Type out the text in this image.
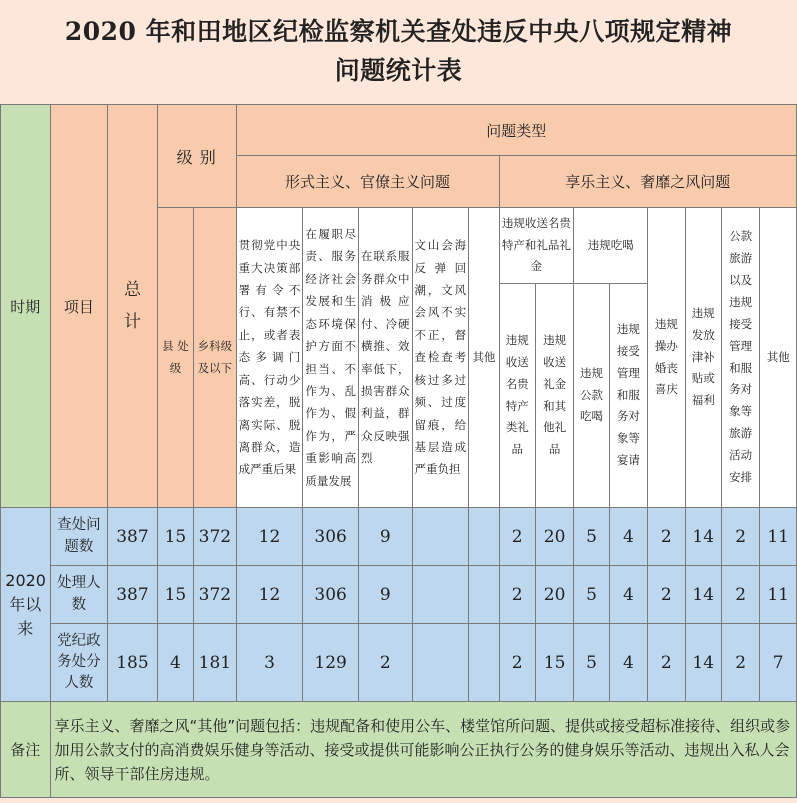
2020 年和田地区纪检监察机关查处违反中央八项规定精神
问题统计表
时期	项目	总计	级 别		问题类型												
					形式主义、官僚主义问题					享乐主义、奢靡之风问题							
			县 处级	乡科级及以下	贯彻党中央重大决策部署有令不行、有禁不止，或者表态多调门高、行动少落实差，脱离实际、脱离群众，造成严重后果	在履职尽责、服务经济社会发展和生态环境保护方面不担当、不作为、乱作为、假作为，严重影响高质量发展	在联系服务群众中消极应付、冷硬横推、效率低下，损害群众利益，群众反映强烈	文山会海反弹回潮，文风会风不实不正，督查检查考核过多过频、过度留痕，给基层造成严重负担	其他	违规收送名贵特产和礼品礼金		违规吃喝		违规操办婚丧喜庆	违规发放津补贴或福利	公款旅游以及违规接受管理和服务对象等旅游活动安排	其他
										违规收送名贵特产类礼品	违规收送礼金和其他礼品	违规公款吃喝	违规接受管理和服务对象等宴请				

2020年以来	查处问题数	387	15	372	12	306	9			2	20	5	4	2	14	2	11
	处理人数	387	15	372	12	306	9			2	20	5	4	2	14	2	11

	党纪政务处分人数	185	4	181	3	129	2			2	15	5	4	2	14	2	7
备注	享乐主义、奢靡之风“其他”问题包括：违规配备和使用公车、楼堂馆所问题、提供或接受超标准接待、组织或参加用公款支付的高消费娱乐健身等活动、接受或提供可能影响公正执行公务的健身娱乐等活动、违规出入私人会所、领导干部住房违规。																
